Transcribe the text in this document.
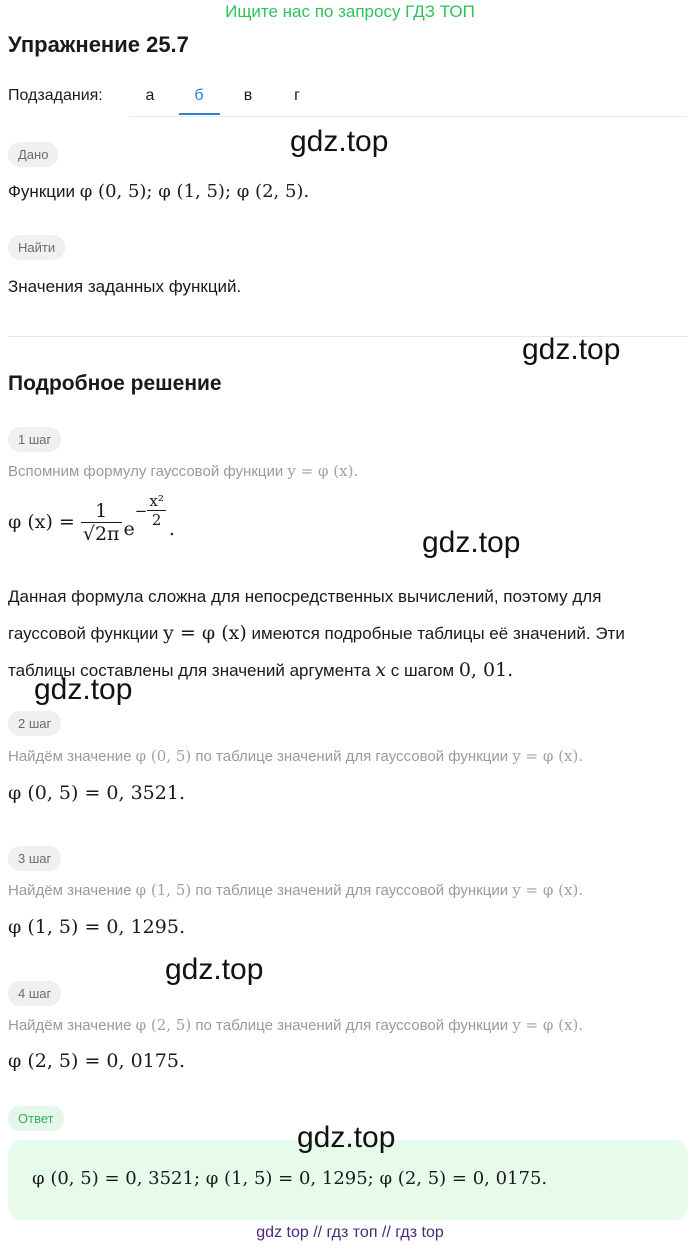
Ищите нас по запросу ГДЗ ТОП
Упражнение 25.7
Подзадания:	а	б	в	г
Дано
Функции φ (0, 5); φ (1, 5); φ (2, 5).
Найти
Значения заданных функций.
Подробное решение
1 шаг
Вспомним формулу гауссовой функции y = φ (x).
φ $(x) = \frac{1}{√2\pi}$ e
− $\frac{\text{x²}}{2}$ .
Данная формула сложна для непосредственных вычислений, поэтому для
гауссовой функции y = φ (x) имеются подробные таблицы её значений. Эти
таблицы составлены для значений аргумента x с шагом 0, 01.
2 шаг
Найдём значение φ (0, 5) по таблице значений для гауссовой функции y = φ (x).
φ (0, 5) = 0, 3521.
3 шаг
Найдём значение φ (1, 5) по таблице значений для гауссовой функции y = φ (x).
φ (1, 5) = 0, 1295.
4 шаг
Найдём значение φ (2, 5) по таблице значений для гауссовой функции y = φ (x).
φ (2, 5) = 0, 0175.
Ответ
φ (0, 5) = 0, 3521; φ (1, 5) = 0, 1295; φ (2, 5) = 0, 0175.
gdz.top
gdz.top
gdz.top
gdz.top
gdz.top
gdz.top
gdz top // гдз топ // гдз top
